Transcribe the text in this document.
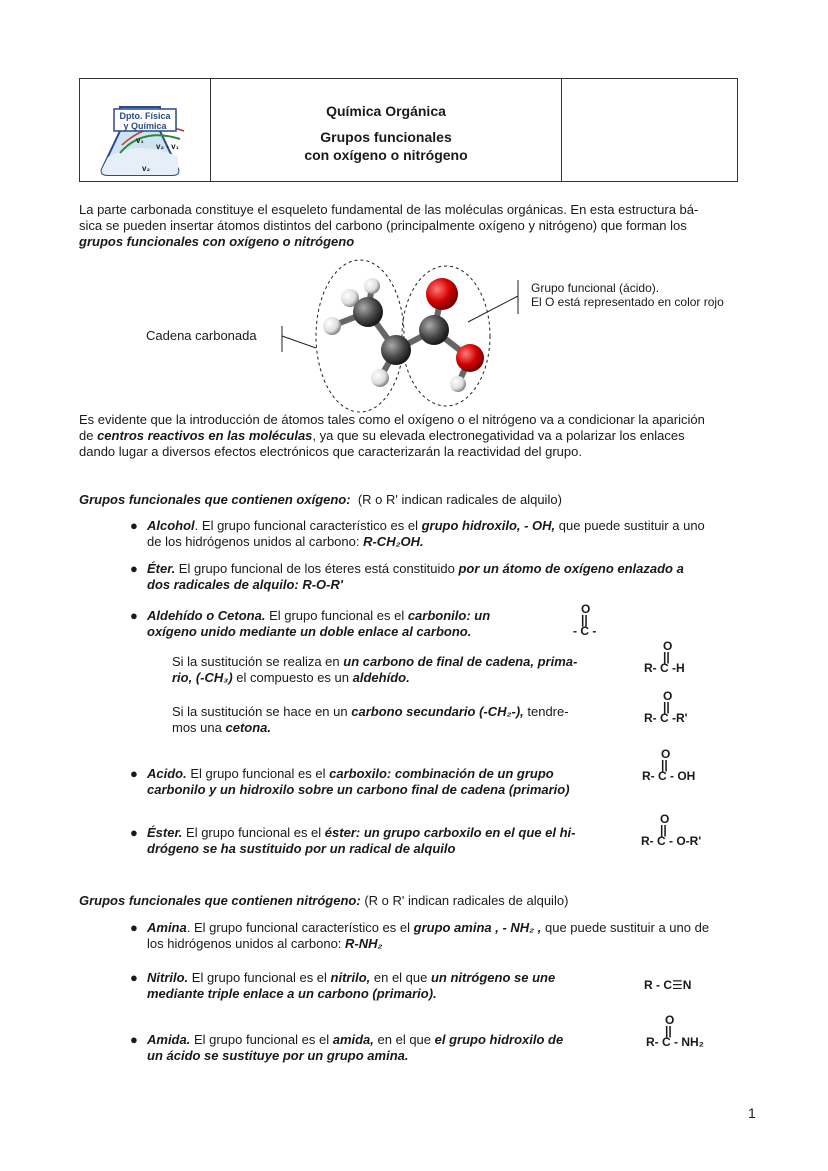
Dpto. Física
y Química
v₁
v₂ - v₁
v₂
Química Orgánica
Grupos funcionales
con oxígeno o nitrógeno

La parte carbonada constituye el esqueleto fundamental de las moléculas orgánicas. En esta estructura bá-

sica se pueden insertar átomos distintos del carbono (principalmente oxígeno y nitrógeno) que forman los

grupos funcionales con oxígeno o nitrógeno

Cadena carbonada
Grupo funcional (ácido).
El O está representado en color rojo

Es evidente que la introducción de átomos tales como el oxígeno o el nitrógeno va a condicionar la aparición

de centros reactivos en las moléculas, ya que su elevada electronegatividad va a polarizar los enlaces

dando lugar a diversos efectos electrónicos que caracterizarán la reactividad del grupo.

Grupos funcionales que contienen oxígeno: (R o R' indican radicales de alquilo)

● Alcohol. El grupo funcional característico es el grupo hidroxilo, - OH, que puede sustituir a uno

de los hidrógenos unidos al carbono: R-CH₂OH.

● Éter. El grupo funcional de los éteres está constituido por un átomo de oxígeno enlazado a

dos radicales de alquilo: R-O-R'

● Aldehído o Cetona. El grupo funcional es el carbonilo: un

oxígeno unido mediante un doble enlace al carbono.

O
||
- C -

Si la sustitución se realiza en un carbono de final de cadena, prima-

rio, (-CH₃) el compuesto es un aldehído.

O
||
R- C -H

Si la sustitución se hace en un carbono secundario (-CH₂-), tendre-

mos una cetona.

O
||
R- C -R'
● Acido. El grupo funcional es el carboxilo: combinación de un grupo

carbonilo y un hidroxilo sobre un carbono final de cadena (primario)

O
||
R- C - OH
● Éster. El grupo funcional es el éster: un grupo carboxilo en el que el hi-

drógeno se ha sustituido por un radical de alquilo

O
||
R- C - O-R'

Grupos funcionales que contienen nitrógeno: (R o R' indican radicales de alquilo)

● Amina. El grupo funcional característico es el grupo amina , - NH₂ , que puede sustituir a uno de

los hidrógenos unidos al carbono: R-NH₂

● Nitrilo. El grupo funcional es el nitrilo, en el que un nitrógeno se une

mediante triple enlace a un carbono (primario).

R - C☰N
● Amida. El grupo funcional es el amida, en el que el grupo hidroxilo de

un ácido se sustituye por un grupo amina.

O
||
R- C - NH₂
1
